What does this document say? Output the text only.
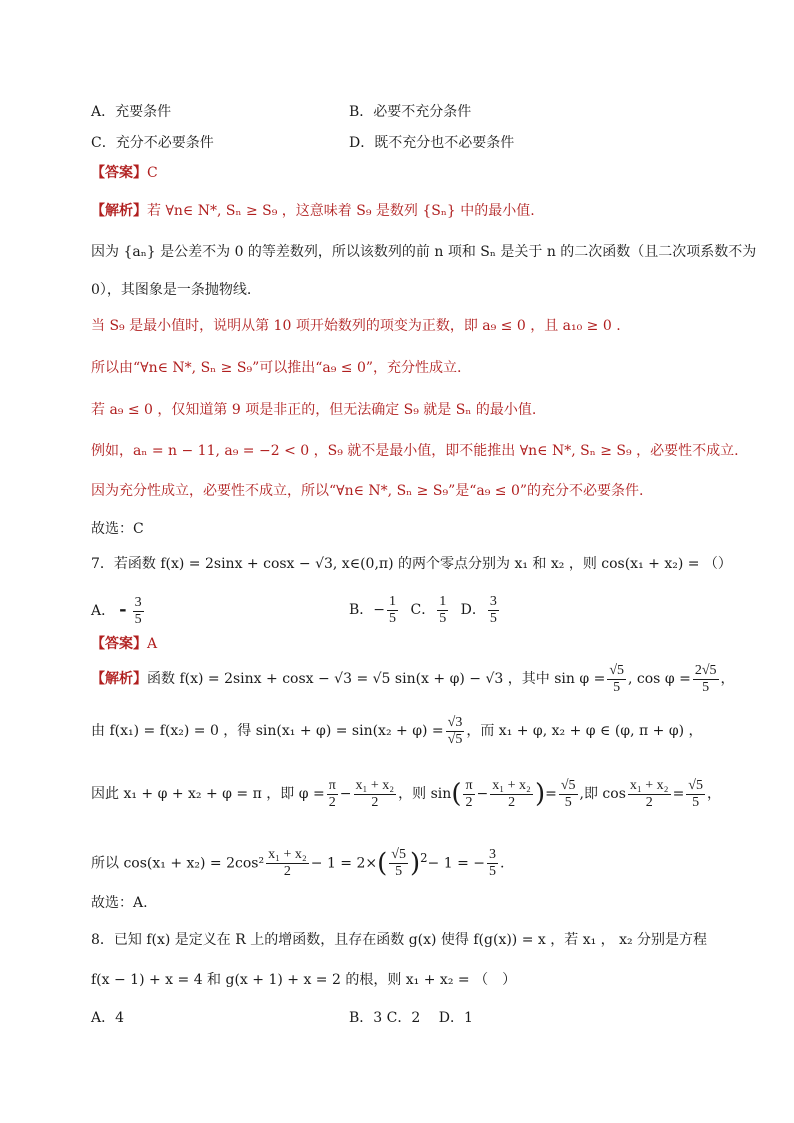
A．充要条件	B．必要不充分条件
C．充分不必要条件	D．既不充分也不必要条件
【答案】C
【解析】若 ∀n∈ N*, Sₙ ≥ S₉ ，这意味着 S₉ 是数列 {Sₙ} 中的最小值.
因为 {aₙ} 是公差不为 0 的等差数列，所以该数列的前 n 项和 Sₙ 是关于 n 的二次函数（且二次项系数不为
0），其图象是一条抛物线.
当 S₉ 是最小值时，说明从第 10 项开始数列的项变为正数，即 a₉ ≤ 0 ，且 a₁₀ ≥ 0 .
所以由“∀n∈ N*, Sₙ ≥ S₉”可以推出“a₉ ≤ 0”，充分性成立.
若 a₉ ≤ 0 ，仅知道第 9 项是非正的，但无法确定 S₉ 就是 Sₙ 的最小值.
例如，aₙ = n − 11, a₉ = −2 < 0 ，S₉ 就不是最小值，即不能推出 ∀n∈ N*, Sₙ ≥ S₉ ，必要性不成立.
因为充分性成立，必要性不成立，所以“∀n∈ N*, Sₙ ≥ S₉”是“a₉ ≤ 0”的充分不必要条件.
故选：C
7．若函数 f(x) = 2sinx + cosx − √3, x∈(0,π) 的两个零点分别为 x₁ 和 x₂ ，则 cos(x₁ + x₂) = （）
A． - $\frac{3}{5}$	B．− $\frac{1}{5}$ C． $\frac{1}{5}$ D． $\frac{3}{5}$
【答案】A
【解析】函数 f(x) = 2sinx + cosx − √3 = √5 sin(x + φ) − √3 ，其中 $\sin \varphi = \frac{√5}{5}$ , $\cos \varphi = \frac{2√5}{5}$ ，
由 f(x₁) = f(x₂) = 0 ，得 $\sin(x_1 + \varphi) = \sin(x_2 + \varphi) = \frac{√3}{√5}$ ，而 x₁ + φ, x₂ + φ ∈ (φ, π + φ) ，
因此 x₁ + φ + x₂ + φ = π ，即 $\varphi = \frac{\pi}{2} - \frac{\text{x₁ + x₂}}{2}$ ，则 $\sin( \frac{\pi}{2} - \frac{\text{x₁ + x₂}}{2}$ )= $\frac{√5}{5}$ ,即 $\cos \frac{\text{x₁ + x₂}}{2} = \frac{√5}{5}$ ，
所以 $\cos(x_1 + x_2) = 2\cos^2 \frac{\text{x₁ + x₂}}{2} - 1 = 2\times( \frac{√5}{5} )^2- 1$ = − $\frac{3}{5}$ .
故选：A.
8．已知 f(x) 是定义在 R 上的增函数，且存在函数 g(x) 使得 f(g(x)) = x ，若 x₁ ， x₂ 分别是方程
f(x − 1) + x = 4 和 g(x + 1) + x = 2 的根，则 x₁ + x₂ = （　）
A．4	B．3 C．2　 D．1
